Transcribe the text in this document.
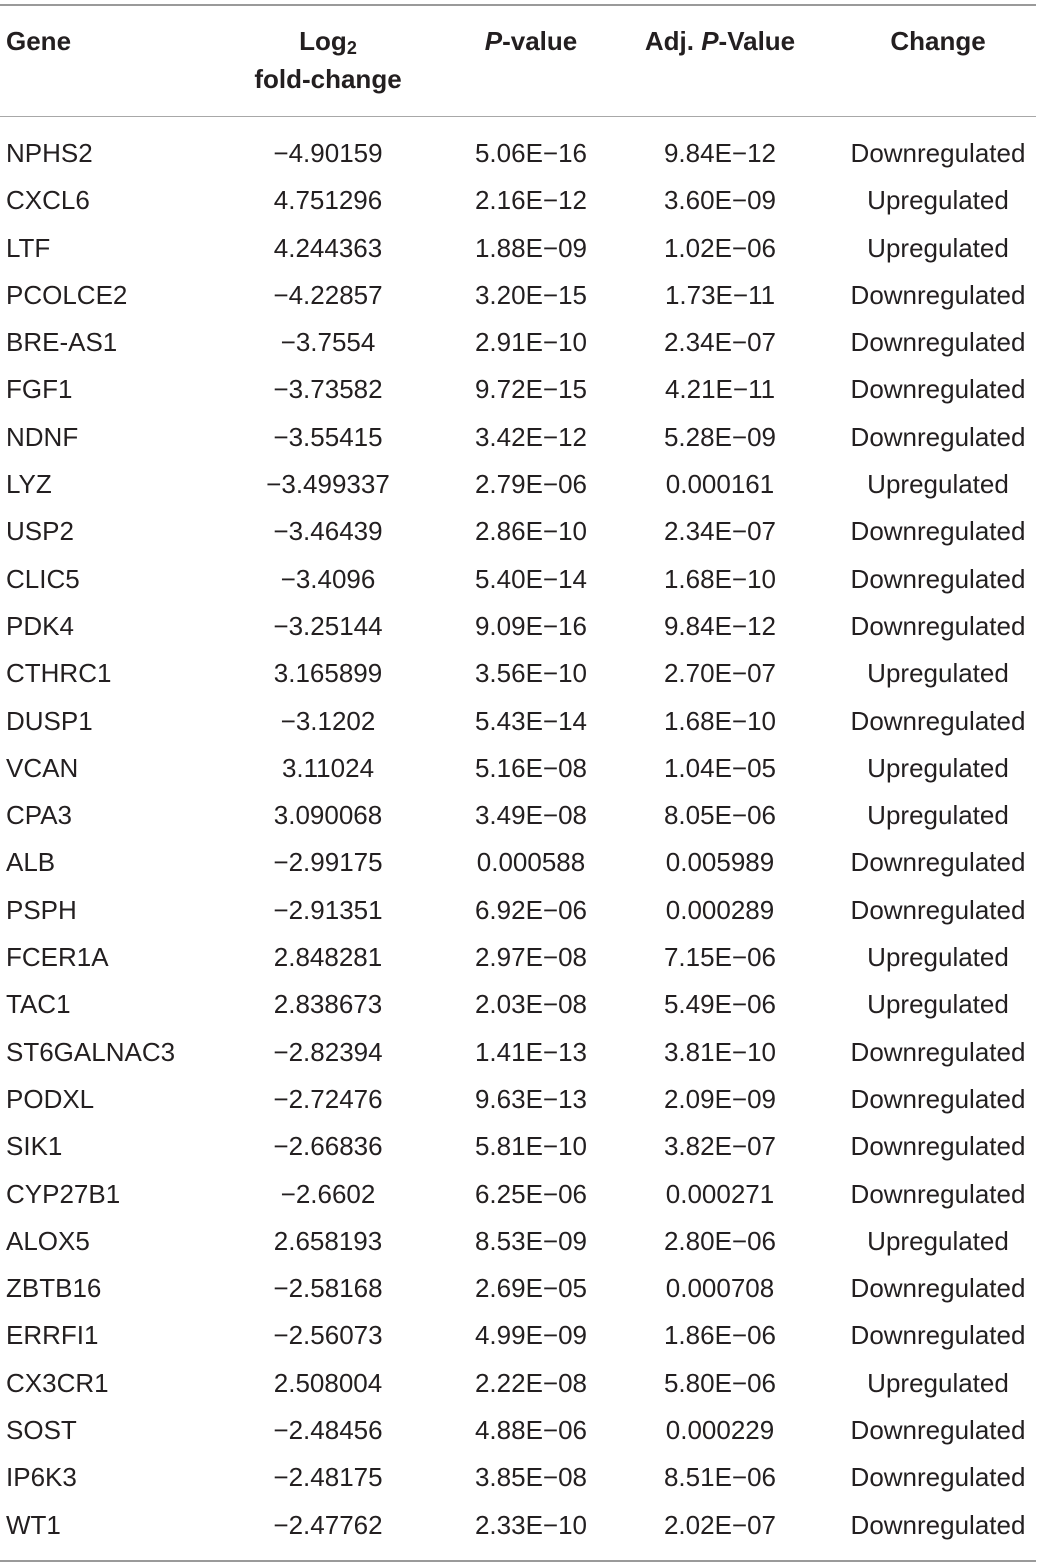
Gene	Log$_2$
fold-change
P-value	Adj. P-Value	Change
NPHS2	−4.90159	5.06E−16	9.84E−12	Downregulated
CXCL6	4.751296	2.16E−12	3.60E−09	Upregulated
LTF	4.244363	1.88E−09	1.02E−06	Upregulated
PCOLCE2	−4.22857	3.20E−15	1.73E−11	Downregulated
BRE-AS1	−3.7554	2.91E−10	2.34E−07	Downregulated
FGF1	−3.73582	9.72E−15	4.21E−11	Downregulated
NDNF	−3.55415	3.42E−12	5.28E−09	Downregulated
LYZ	−3.499337	2.79E−06	0.000161	Upregulated
USP2	−3.46439	2.86E−10	2.34E−07	Downregulated
CLIC5	−3.4096	5.40E−14	1.68E−10	Downregulated
PDK4	−3.25144	9.09E−16	9.84E−12	Downregulated
CTHRC1	3.165899	3.56E−10	2.70E−07	Upregulated
DUSP1	−3.1202	5.43E−14	1.68E−10	Downregulated
VCAN	3.11024	5.16E−08	1.04E−05	Upregulated
CPA3	3.090068	3.49E−08	8.05E−06	Upregulated
ALB	−2.99175	0.000588	0.005989	Downregulated
PSPH	−2.91351	6.92E−06	0.000289	Downregulated
FCER1A	2.848281	2.97E−08	7.15E−06	Upregulated
TAC1	2.838673	2.03E−08	5.49E−06	Upregulated
ST6GALNAC3	−2.82394	1.41E−13	3.81E−10	Downregulated
PODXL	−2.72476	9.63E−13	2.09E−09	Downregulated
SIK1	−2.66836	5.81E−10	3.82E−07	Downregulated
CYP27B1	−2.6602	6.25E−06	0.000271	Downregulated
ALOX5	2.658193	8.53E−09	2.80E−06	Upregulated
ZBTB16	−2.58168	2.69E−05	0.000708	Downregulated
ERRFI1	−2.56073	4.99E−09	1.86E−06	Downregulated
CX3CR1	2.508004	2.22E−08	5.80E−06	Upregulated
SOST	−2.48456	4.88E−06	0.000229	Downregulated
IP6K3	−2.48175	3.85E−08	8.51E−06	Downregulated
WT1	−2.47762	2.33E−10	2.02E−07	Downregulated
